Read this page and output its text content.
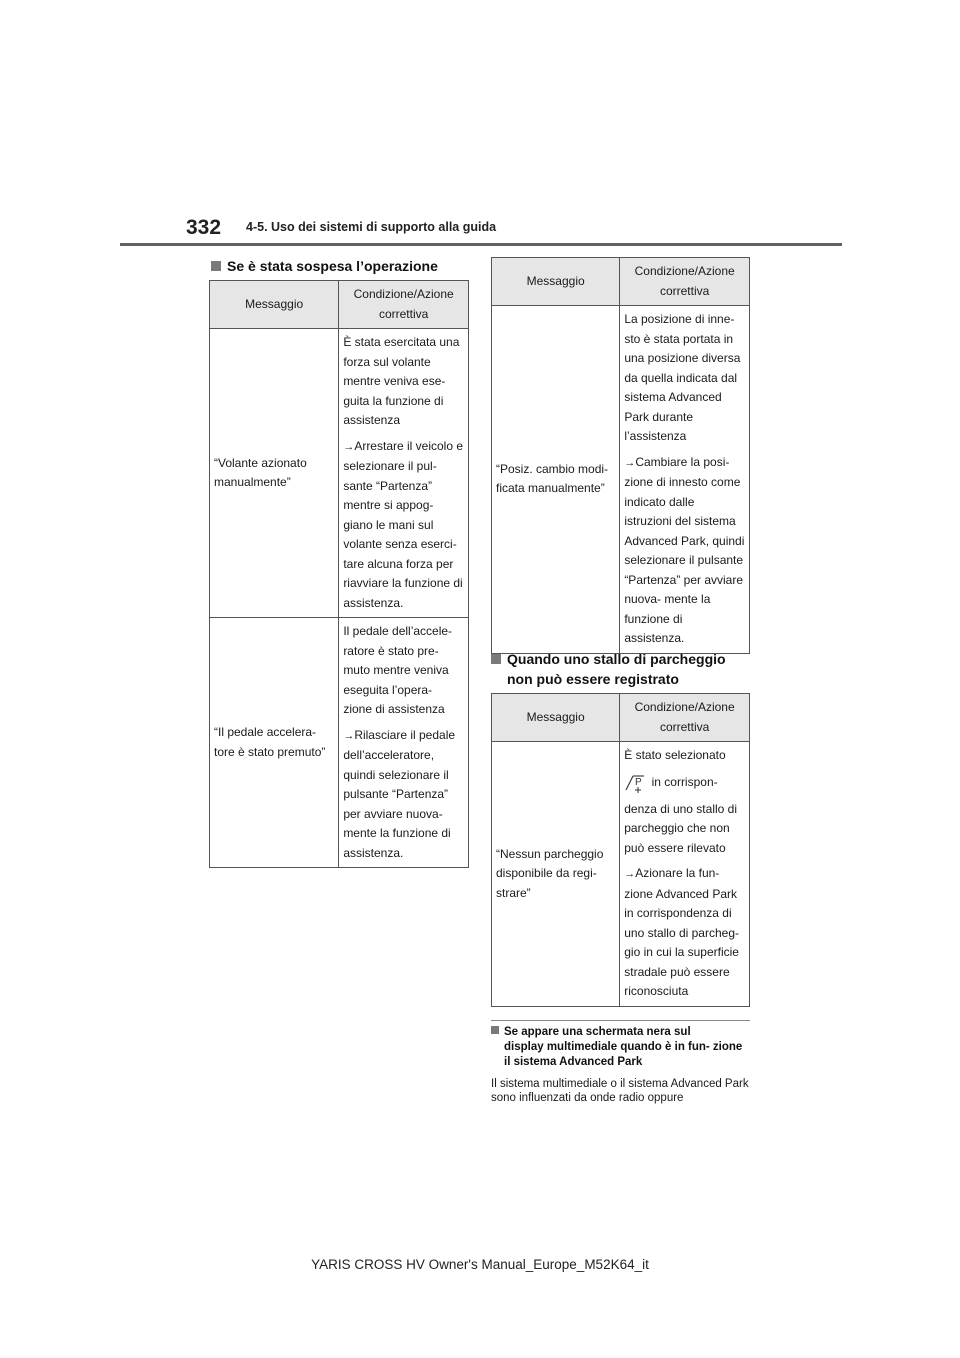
332 4-5. Uso dei sistemi di supporto alla guida
Se è stata sospesa l’operazione
Messaggio	Condizione/Azione correttiva
“Volante azionato manualmente”	È stata esercitata una forza sul volante mentre veniva ese- guita la funzione di assistenza

→Arrestare il veicolo e selezionare il pul- sante “Partenza” mentre si appog- giano le mani sul volante senza eserci- tare alcuna forza per riavviare la funzione di assistenza.

“Il pedale accelera- tore è stato premuto”	Il pedale dell’accele- ratore è stato pre- muto mentre veniva eseguita l’opera- zione di assistenza

→Rilasciare il pedale dell’acceleratore, quindi selezionare il pulsante “Partenza” per avviare nuova- mente la funzione di assistenza.

Messaggio	Condizione/Azione correttiva
“Posiz. cambio modi- ficata manualmente”	La posizione di inne- sto è stata portata in una posizione diversa da quella indicata dal sistema Advanced Park durante l’assistenza

→Cambiare la posi- zione di innesto come indicato dalle istruzioni del sistema Advanced Park, quindi selezionare il pulsante “Partenza” per avviare nuova- mente la funzione di assistenza.

Quando uno stallo di parcheggio
non può essere registrato
Messaggio	Condizione/Azione correttiva
“Nessun parcheggio disponibile da regi- strare”	È stato selezionato

P in corrispon-

denza di uno stallo di parcheggio che non può essere rilevato

→Azionare la fun- zione Advanced Park in corrispondenza di uno stallo di parcheg- gio in cui la superficie stradale può essere riconosciuta

Se appare una schermata nera sul
display multimediale quando è in fun- zione il sistema Advanced Park
Il sistema multimediale o il sistema Advanced Park sono influenzati da onde radio oppure
YARIS CROSS HV Owner's Manual_Europe_M52K64_it
